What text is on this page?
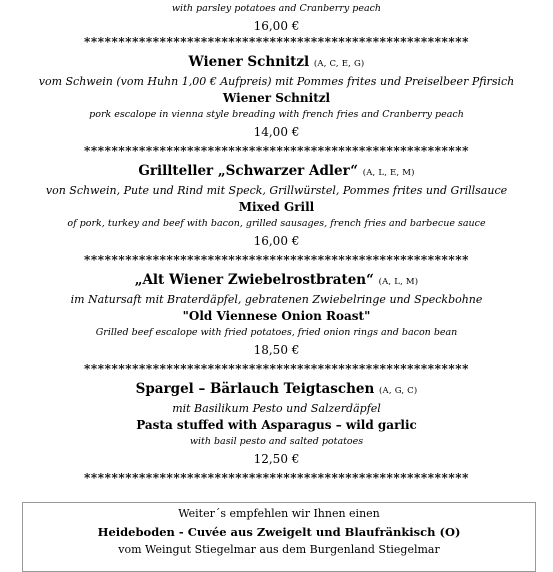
with parsley potatoes and Cranberry peach
16,00 €
********************************************************
Wiener Schnitzl (A, C, E, G)
vom Schwein (vom Huhn 1,00 € Aufpreis) mit Pommes frites und Preiselbeer Pfirsich
Wiener Schnitzl
pork escalope in vienna style breading with french fries and Cranberry peach
14,00 €
********************************************************
Grillteller „Schwarzer Adler“ (A, L, E, M)
von Schwein, Pute und Rind mit Speck, Grillwürstel, Pommes frites und Grillsauce
Mixed Grill
of pork, turkey and beef with bacon, grilled sausages, french fries and barbecue sauce
16,00 €
********************************************************
„Alt Wiener Zwiebelrostbraten“ (A, L, M)
im Natursaft mit Braterdäpfel, gebratenen Zwiebelringe und Speckbohne
"Old Viennese Onion Roast"
Grilled beef escalope with fried potatoes, fried onion rings and bacon bean
18,50 €
********************************************************
Spargel – Bärlauch Teigtaschen (A, G, C)
mit Basilikum Pesto und Salzerdäpfel
Pasta stuffed with Asparagus – wild garlic
with basil pesto and salted potatoes
12,50 €
********************************************************
Weiter´s empfehlen wir Ihnen einen
Heideboden - Cuvée aus Zweigelt und Blaufränkisch (O)
vom Weingut Stiegelmar aus dem Burgenland Stiegelmar
